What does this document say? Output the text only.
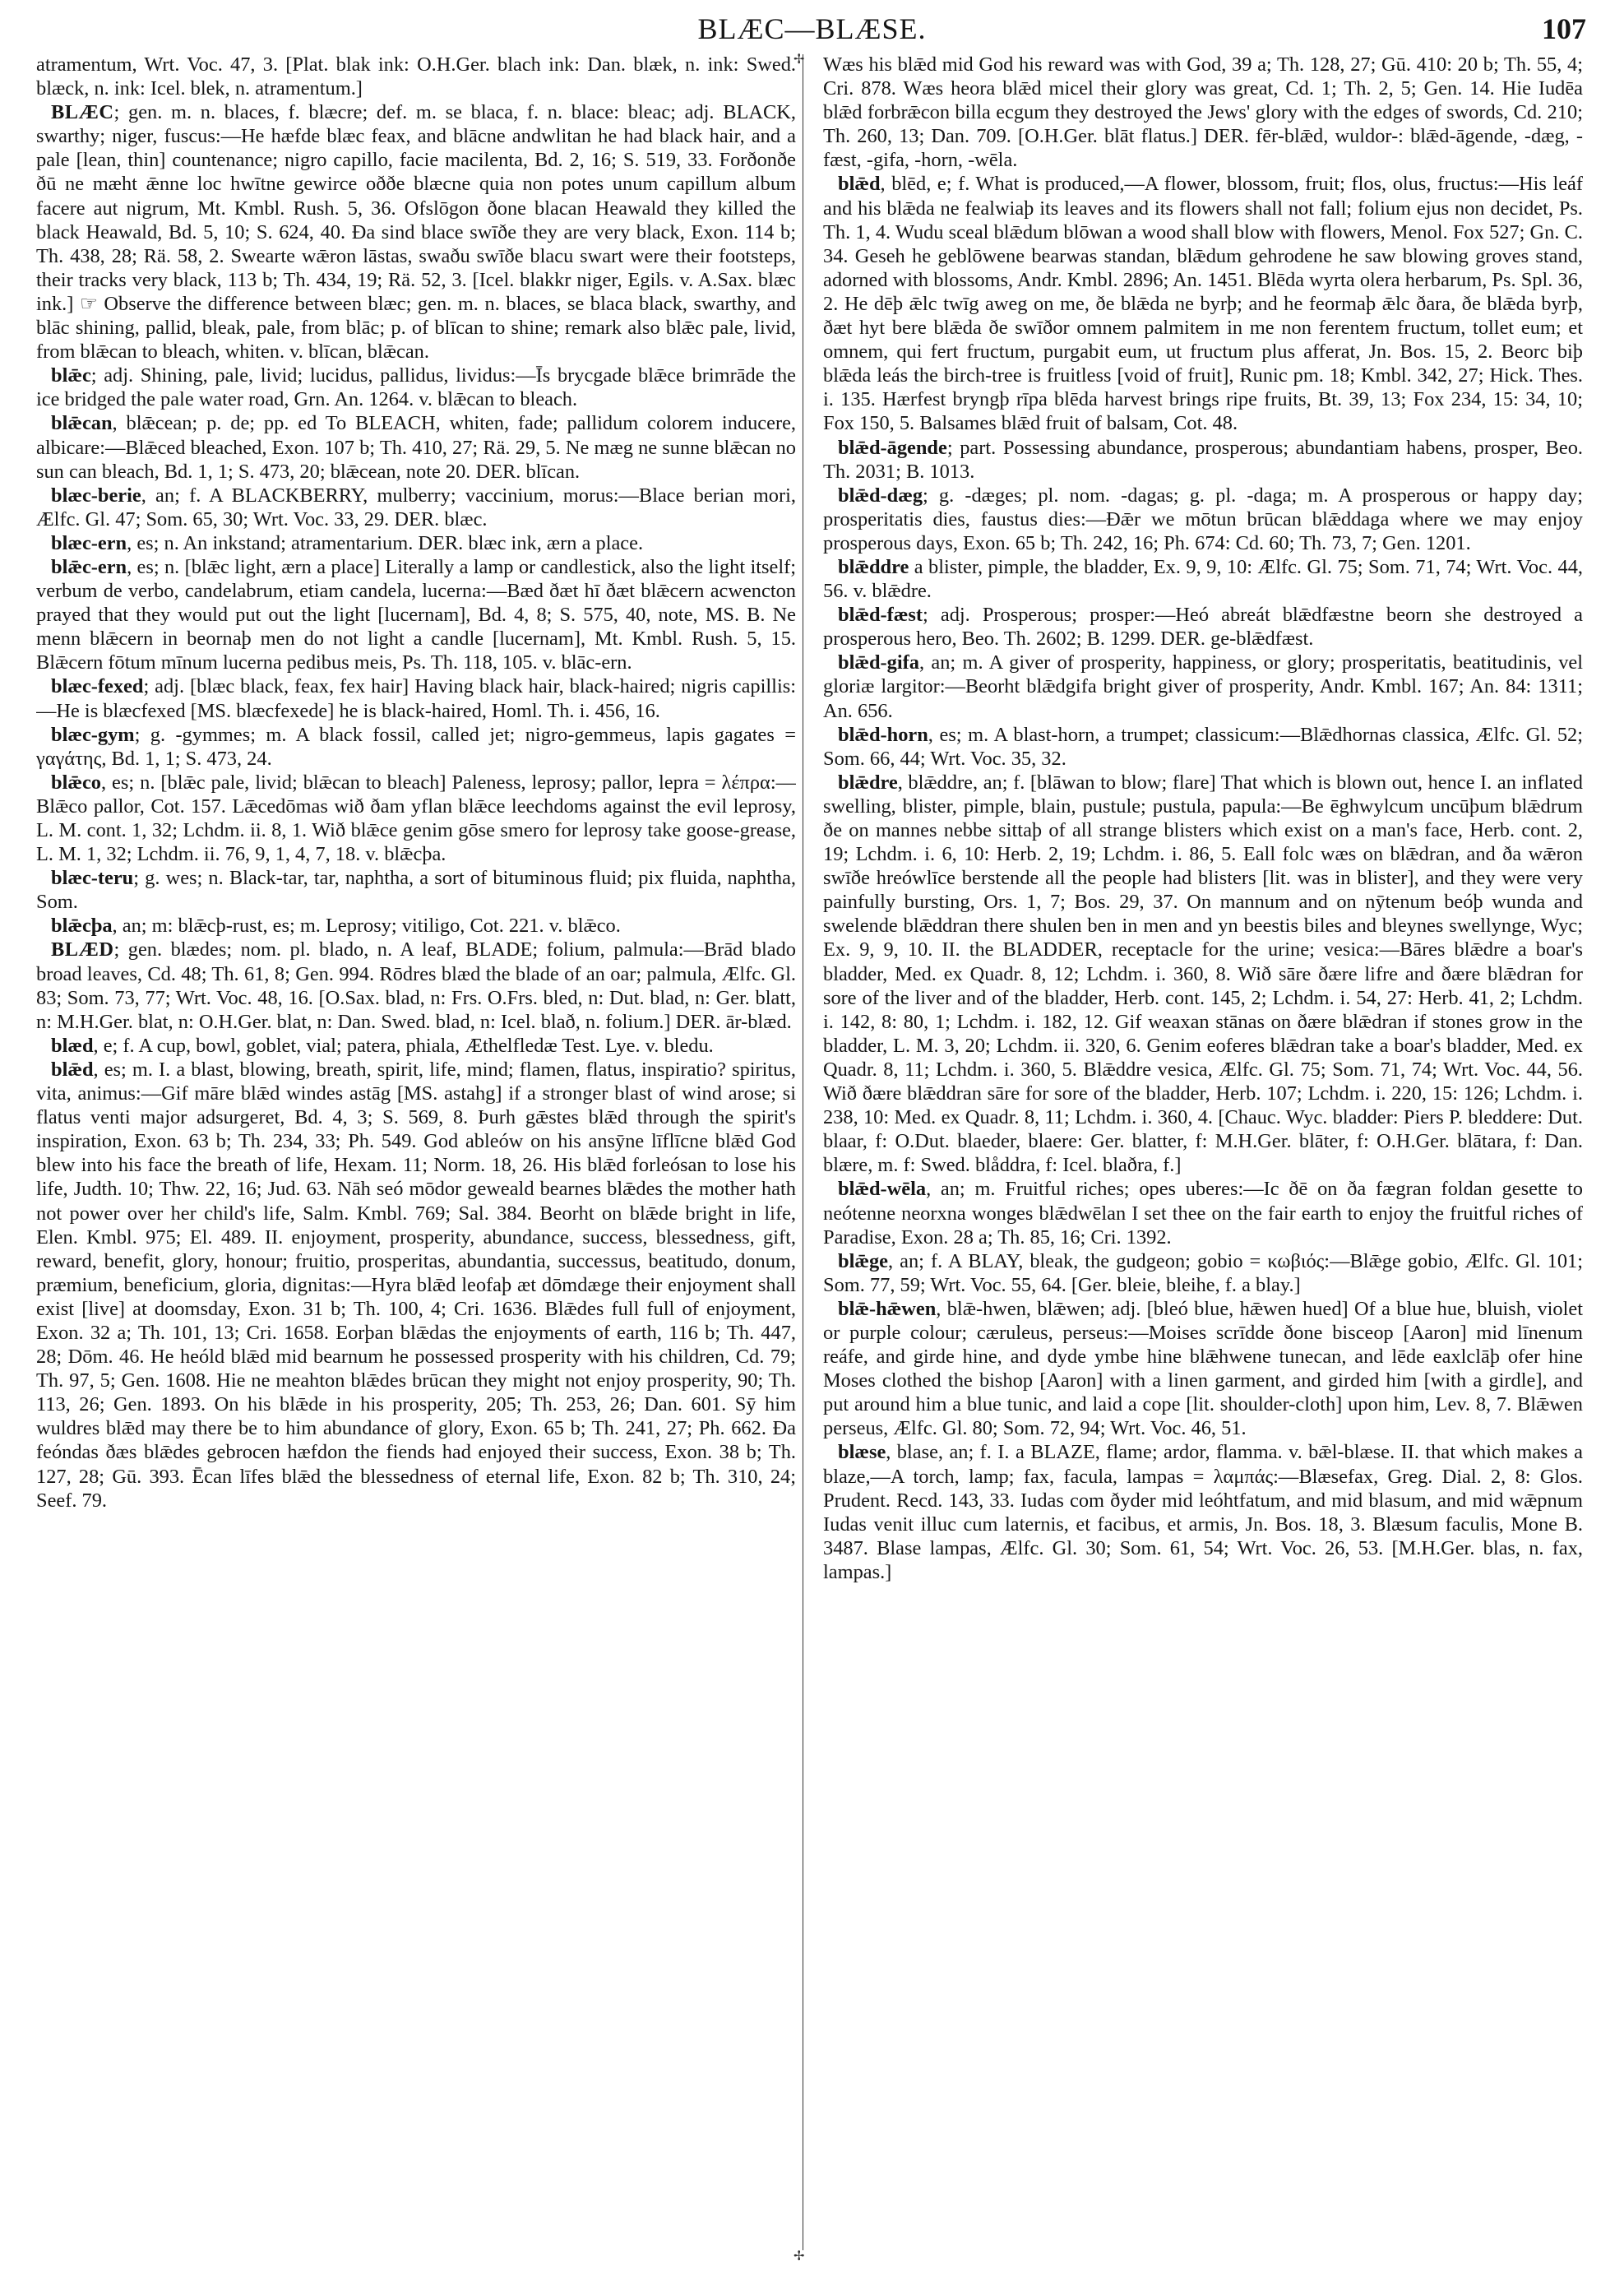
BLÆC—BLÆSE.	107
✢
✢

atramentum, Wrt. Voc. 47, 3. [Plat. blak ink: O.H.Ger. blach ink: Dan. blæk, n. ink: Swed. blæck, n. ink: Icel. blek, n. atramentum.]

BLÆC; gen. m. n. blaces, f. blæcre; def. m. se blaca, f. n. blace: bleac; adj. BLACK, swarthy; niger, fuscus:—He hæfde blæc feax, and blācne andwlitan he had black hair, and a pale [lean, thin] countenance; nigro capillo, facie macilenta, Bd. 2, 16; S. 519, 33. Forðonðe ðū ne mæht ǣnne loc hwītne gewirce oððe blæcne quia non potes unum capillum album facere aut nigrum, Mt. Kmbl. Rush. 5, 36. Ofslōgon ðone blacan Heawald they killed the black Heawald, Bd. 5, 10; S. 624, 40. Ða sind blace swīðe they are very black, Exon. 114 b; Th. 438, 28; Rä. 58, 2. Swearte wǣron lāstas, swaðu swīðe blacu swart were their footsteps, their tracks very black, 113 b; Th. 434, 19; Rä. 52, 3. [Icel. blakkr niger, Egils. v. A.Sax. blæc ink.] ☞ Observe the difference between blæc; gen. m. n. blaces, se blaca black, swarthy, and blāc shining, pallid, bleak, pale, from blāc; p. of blīcan to shine; remark also blǣc pale, livid, from blǣcan to bleach, whiten. v. blīcan, blǣcan.

blǣc; adj. Shining, pale, livid; lucidus, pallidus, lividus:—Īs brycgade blǣce brimrāde the ice bridged the pale water road, Grn. An. 1264. v. blǣcan to bleach.

blǣcan, blǣcean; p. de; pp. ed To BLEACH, whiten, fade; pallidum colorem inducere, albicare:—Blǣced bleached, Exon. 107 b; Th. 410, 27; Rä. 29, 5. Ne mæg ne sunne blǣcan no sun can bleach, Bd. 1, 1; S. 473, 20; blǣcean, note 20. DER. blīcan.

blæc-berie, an; f. A BLACKBERRY, mulberry; vaccinium, morus:—Blace berian mori, Ælfc. Gl. 47; Som. 65, 30; Wrt. Voc. 33, 29. DER. blæc.

blæc-ern, es; n. An inkstand; atramentarium. DER. blæc ink, ærn a place.

blǣc-ern, es; n. [blǣc light, ærn a place] Literally a lamp or candlestick, also the light itself; verbum de verbo, candelabrum, etiam candela, lucerna:—Bæd ðæt hī ðæt blǣcern acwencton prayed that they would put out the light [lucernam], Bd. 4, 8; S. 575, 40, note, MS. B. Ne menn blǣcern in beornaþ men do not light a candle [lucernam], Mt. Kmbl. Rush. 5, 15. Blǣcern fōtum mīnum lucerna pedibus meis, Ps. Th. 118, 105. v. blāc-ern.

blæc-fexed; adj. [blæc black, feax, fex hair] Having black hair, black-haired; nigris capillis:—He is blæcfexed [MS. blæcfexede] he is black-haired, Homl. Th. i. 456, 16.

blæc-gym; g. -gymmes; m. A black fossil, called jet; nigro-gemmeus, lapis gagates = γαγάτης, Bd. 1, 1; S. 473, 24.

blǣco, es; n. [blǣc pale, livid; blǣcan to bleach] Paleness, leprosy; pallor, lepra = λέπρα:—Blǣco pallor, Cot. 157. Lǣcedōmas wið ðam yflan blǣce leechdoms against the evil leprosy, L. M. cont. 1, 32; Lchdm. ii. 8, 1. Wið blǣce genim gōse smero for leprosy take goose-grease, L. M. 1, 32; Lchdm. ii. 76, 9, 1, 4, 7, 18. v. blǣcþa.

blæc-teru; g. wes; n. Black-tar, tar, naphtha, a sort of bituminous fluid; pix fluida, naphtha, Som.

blǣcþa, an; m: blǣcþ-rust, es; m. Leprosy; vitiligo, Cot. 221. v. blǣco.

BLÆD; gen. blædes; nom. pl. blado, n. A leaf, BLADE; folium, palmula:—Brād blado broad leaves, Cd. 48; Th. 61, 8; Gen. 994. Rōdres blæd the blade of an oar; palmula, Ælfc. Gl. 83; Som. 73, 77; Wrt. Voc. 48, 16. [O.Sax. blad, n: Frs. O.Frs. bled, n: Dut. blad, n: Ger. blatt, n: M.H.Ger. blat, n: O.H.Ger. blat, n: Dan. Swed. blad, n: Icel. blað, n. folium.] DER. ār-blæd.

blæd, e; f. A cup, bowl, goblet, vial; patera, phiala, Æthelfledæ Test. Lye. v. bledu.

blǣd, es; m. I. a blast, blowing, breath, spirit, life, mind; flamen, flatus, inspiratio? spiritus, vita, animus:—Gif māre blǣd windes astāg [MS. astahg] if a stronger blast of wind arose; si flatus venti major adsurgeret, Bd. 4, 3; S. 569, 8. Þurh gǣstes blǣd through the spirit's inspiration, Exon. 63 b; Th. 234, 33; Ph. 549. God ableów on his ansȳne līflīcne blǣd God blew into his face the breath of life, Hexam. 11; Norm. 18, 26. His blǣd forleósan to lose his life, Judth. 10; Thw. 22, 16; Jud. 63. Nāh seó mōdor geweald bearnes blǣdes the mother hath not power over her child's life, Salm. Kmbl. 769; Sal. 384. Beorht on blǣde bright in life, Elen. Kmbl. 975; El. 489. II. enjoyment, prosperity, abundance, success, blessedness, gift, reward, benefit, glory, honour; fruitio, prosperitas, abundantia, successus, beatitudo, donum, præmium, beneficium, gloria, dignitas:—Hyra blǣd leofaþ æt dōmdæge their enjoyment shall exist [live] at doomsday, Exon. 31 b; Th. 100, 4; Cri. 1636. Blǣdes full full of enjoyment, Exon. 32 a; Th. 101, 13; Cri. 1658. Eorþan blǣdas the enjoyments of earth, 116 b; Th. 447, 28; Dōm. 46. He heóld blǣd mid bearnum he possessed prosperity with his children, Cd. 79; Th. 97, 5; Gen. 1608. Hie ne meahton blǣdes brūcan they might not enjoy prosperity, 90; Th. 113, 26; Gen. 1893. On his blǣde in his prosperity, 205; Th. 253, 26; Dan. 601. Sȳ him wuldres blǣd may there be to him abundance of glory, Exon. 65 b; Th. 241, 27; Ph. 662. Ða feóndas ðæs blǣdes gebrocen hæfdon the fiends had enjoyed their success, Exon. 38 b; Th. 127, 28; Gū. 393. Ēcan līfes blǣd the blessedness of eternal life, Exon. 82 b; Th. 310, 24; Seef. 79.

Wæs his blǣd mid God his reward was with God, 39 a; Th. 128, 27; Gū. 410: 20 b; Th. 55, 4; Cri. 878. Wæs heora blǣd micel their glory was great, Cd. 1; Th. 2, 5; Gen. 14. Hie Iudēa blǣd forbrǣcon billa ecgum they destroyed the Jews' glory with the edges of swords, Cd. 210; Th. 260, 13; Dan. 709. [O.H.Ger. blāt flatus.] DER. fēr-blǣd, wuldor-: blǣd-āgende, -dæg, -fæst, -gifa, -horn, -wēla.

blǣd, blēd, e; f. What is produced,—A flower, blossom, fruit; flos, olus, fructus:—His leáf and his blǣda ne fealwiaþ its leaves and its flowers shall not fall; folium ejus non decidet, Ps. Th. 1, 4. Wudu sceal blǣdum blōwan a wood shall blow with flowers, Menol. Fox 527; Gn. C. 34. Geseh he geblōwene bearwas standan, blǣdum gehrodene he saw blowing groves stand, adorned with blossoms, Andr. Kmbl. 2896; An. 1451. Blēda wyrta olera herbarum, Ps. Spl. 36, 2. He dēþ ǣlc twīg aweg on me, ðe blǣda ne byrþ; and he feormaþ ǣlc ðara, ðe blǣda byrþ, ðæt hyt bere blǣda ðe swīðor omnem palmitem in me non ferentem fructum, tollet eum; et omnem, qui fert fructum, purgabit eum, ut fructum plus afferat, Jn. Bos. 15, 2. Beorc biþ blǣda leás the birch-tree is fruitless [void of fruit], Runic pm. 18; Kmbl. 342, 27; Hick. Thes. i. 135. Hærfest bryngþ rīpa blēda harvest brings ripe fruits, Bt. 39, 13; Fox 234, 15: 34, 10; Fox 150, 5. Balsames blǣd fruit of balsam, Cot. 48.

blǣd-āgende; part. Possessing abundance, prosperous; abundantiam habens, prosper, Beo. Th. 2031; B. 1013.

blǣd-dæg; g. -dæges; pl. nom. -dagas; g. pl. -daga; m. A prosperous or happy day; prosperitatis dies, faustus dies:—Ðǣr we mōtun brūcan blǣddaga where we may enjoy prosperous days, Exon. 65 b; Th. 242, 16; Ph. 674: Cd. 60; Th. 73, 7; Gen. 1201.

blǣddre a blister, pimple, the bladder, Ex. 9, 9, 10: Ælfc. Gl. 75; Som. 71, 74; Wrt. Voc. 44, 56. v. blǣdre.

blǣd-fæst; adj. Prosperous; prosper:—Heó abreát blǣdfæstne beorn she destroyed a prosperous hero, Beo. Th. 2602; B. 1299. DER. ge-blǣdfæst.

blǣd-gifa, an; m. A giver of prosperity, happiness, or glory; prosperitatis, beatitudinis, vel gloriæ largitor:—Beorht blǣdgifa bright giver of prosperity, Andr. Kmbl. 167; An. 84: 1311; An. 656.

blǣd-horn, es; m. A blast-horn, a trumpet; classicum:—Blǣdhornas classica, Ælfc. Gl. 52; Som. 66, 44; Wrt. Voc. 35, 32.

blǣdre, blǣddre, an; f. [blāwan to blow; flare] That which is blown out, hence I. an inflated swelling, blister, pimple, blain, pustule; pustula, papula:—Be ēghwylcum uncūþum blǣdrum ðe on mannes nebbe sittaþ of all strange blisters which exist on a man's face, Herb. cont. 2, 19; Lchdm. i. 6, 10: Herb. 2, 19; Lchdm. i. 86, 5. Eall folc wæs on blǣdran, and ða wǣron swīðe hreówlīce berstende all the people had blisters [lit. was in blister], and they were very painfully bursting, Ors. 1, 7; Bos. 29, 37. On mannum and on nȳtenum beóþ wunda and swelende blǣddran there shulen ben in men and yn beestis biles and bleynes swellynge, Wyc; Ex. 9, 9, 10. II. the BLADDER, receptacle for the urine; vesica:—Bāres blǣdre a boar's bladder, Med. ex Quadr. 8, 12; Lchdm. i. 360, 8. Wið sāre ðære lifre and ðære blǣdran for sore of the liver and of the bladder, Herb. cont. 145, 2; Lchdm. i. 54, 27: Herb. 41, 2; Lchdm. i. 142, 8: 80, 1; Lchdm. i. 182, 12. Gif weaxan stānas on ðære blǣdran if stones grow in the bladder, L. M. 3, 20; Lchdm. ii. 320, 6. Genim eoferes blǣdran take a boar's bladder, Med. ex Quadr. 8, 11; Lchdm. i. 360, 5. Blǣddre vesica, Ælfc. Gl. 75; Som. 71, 74; Wrt. Voc. 44, 56. Wið ðære blǣddran sāre for sore of the bladder, Herb. 107; Lchdm. i. 220, 15: 126; Lchdm. i. 238, 10: Med. ex Quadr. 8, 11; Lchdm. i. 360, 4. [Chauc. Wyc. bladder: Piers P. bleddere: Dut. blaar, f: O.Dut. blaeder, blaere: Ger. blatter, f: M.H.Ger. blāter, f: O.H.Ger. blātara, f: Dan. blære, m. f: Swed. blåddra, f: Icel. blaðra, f.]

blǣd-wēla, an; m. Fruitful riches; opes uberes:—Ic ðē on ða fægran foldan gesette to neótenne neorxna wonges blǣdwēlan I set thee on the fair earth to enjoy the fruitful riches of Paradise, Exon. 28 a; Th. 85, 16; Cri. 1392.

blǣge, an; f. A BLAY, bleak, the gudgeon; gobio = κωβιός:—Blǣge gobio, Ælfc. Gl. 101; Som. 77, 59; Wrt. Voc. 55, 64. [Ger. bleie, bleihe, f. a blay.]

blǣ-hǣwen, blǣ-hwen, blǣwen; adj. [bleó blue, hǣwen hued] Of a blue hue, bluish, violet or purple colour; cæruleus, perseus:—Moises scrīdde ðone bisceop [Aaron] mid līnenum reáfe, and girde hine, and dyde ymbe hine blǣhwene tunecan, and lēde eaxlclāþ ofer hine Moses clothed the bishop [Aaron] with a linen garment, and girded him [with a girdle], and put around him a blue tunic, and laid a cope [lit. shoulder-cloth] upon him, Lev. 8, 7. Blǣwen perseus, Ælfc. Gl. 80; Som. 72, 94; Wrt. Voc. 46, 51.

blæse, blase, an; f. I. a BLAZE, flame; ardor, flamma. v. bǣl-blæse. II. that which makes a blaze,—A torch, lamp; fax, facula, lampas = λαμπάς:—Blæsefax, Greg. Dial. 2, 8: Glos. Prudent. Recd. 143, 33. Iudas com ðyder mid leóhtfatum, and mid blasum, and mid wǣpnum Iudas venit illuc cum laternis, et facibus, et armis, Jn. Bos. 18, 3. Blæsum faculis, Mone B. 3487. Blase lampas, Ælfc. Gl. 30; Som. 61, 54; Wrt. Voc. 26, 53. [M.H.Ger. blas, n. fax, lampas.]
